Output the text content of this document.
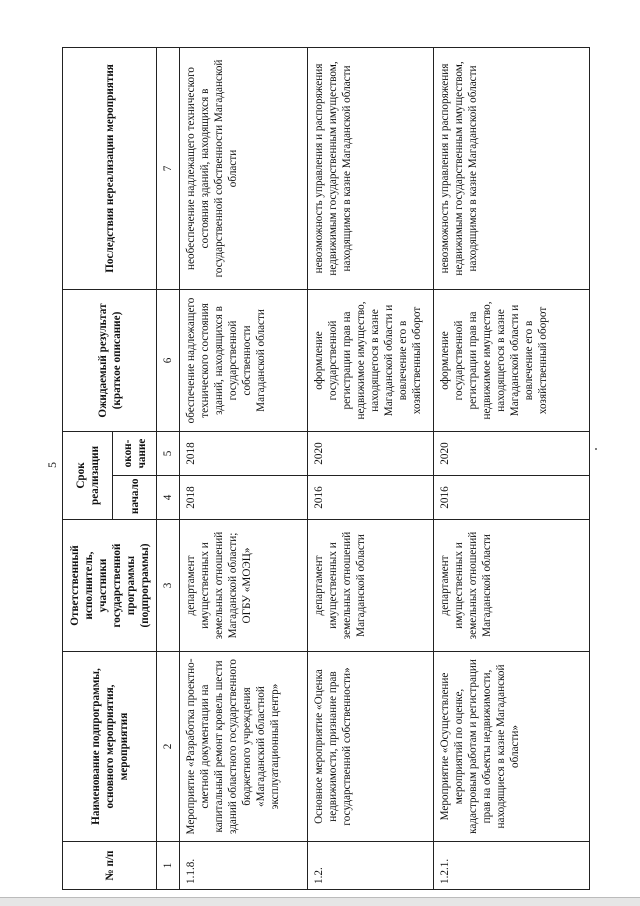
5
№ п/п	Наименование подпрограммы, основного мероприятия, мероприятия	Ответственный исполнитель, участники государственной программы (подпрограммы)	Срок реализации		Ожидаемый результат (краткое описание)	Последствия нереализации мероприятия
			начало	окон-чание		
1	2	3	4	5	6	7
1.1.8.	Мероприятие «Разработка проектно-сметной документации на капитальный ремонт кровель шести зданий областного государственного бюджетного учреждения «Магаданский областной эксплуатационный центр»	департамент имущественных и земельных отношений Магаданской области; ОГБУ «МОЭЦ»	2018	2018	обеспечение надлежащего технического состояния зданий, находящихся в государственной собственности Магаданской области	необеспечение надлежащего технического состояния зданий, находящихся в государственной собственности Магаданской области
1.2.	Основное мероприятие «Оценка недвижимости, признание прав государственной собственности»	департамент имущественных и земельных отношений Магаданской области	2016	2020	оформление государственной регистрации прав на недвижимое имущество, находящегося в казне Магаданской области и вовлечение его в хозяйственный оборот	невозможность управления и распоряжения недвижимым государственным имуществом, находящимся в казне Магаданской области
1.2.1.	Мероприятие «Осуществление мероприятий по оценке, кадастровым работам и регистрации прав на объекты недвижимости, находящиеся в казне Магаданской области»	департамент имущественных и земельных отношений Магаданской области	2016	2020	оформление государственной регистрации прав на недвижимое имущество, находящегося в казне Магаданской области и вовлечение его в хозяйственный оборот	невозможность управления и распоряжения недвижимым государственным имуществом, находящимся в казне Магаданской области
